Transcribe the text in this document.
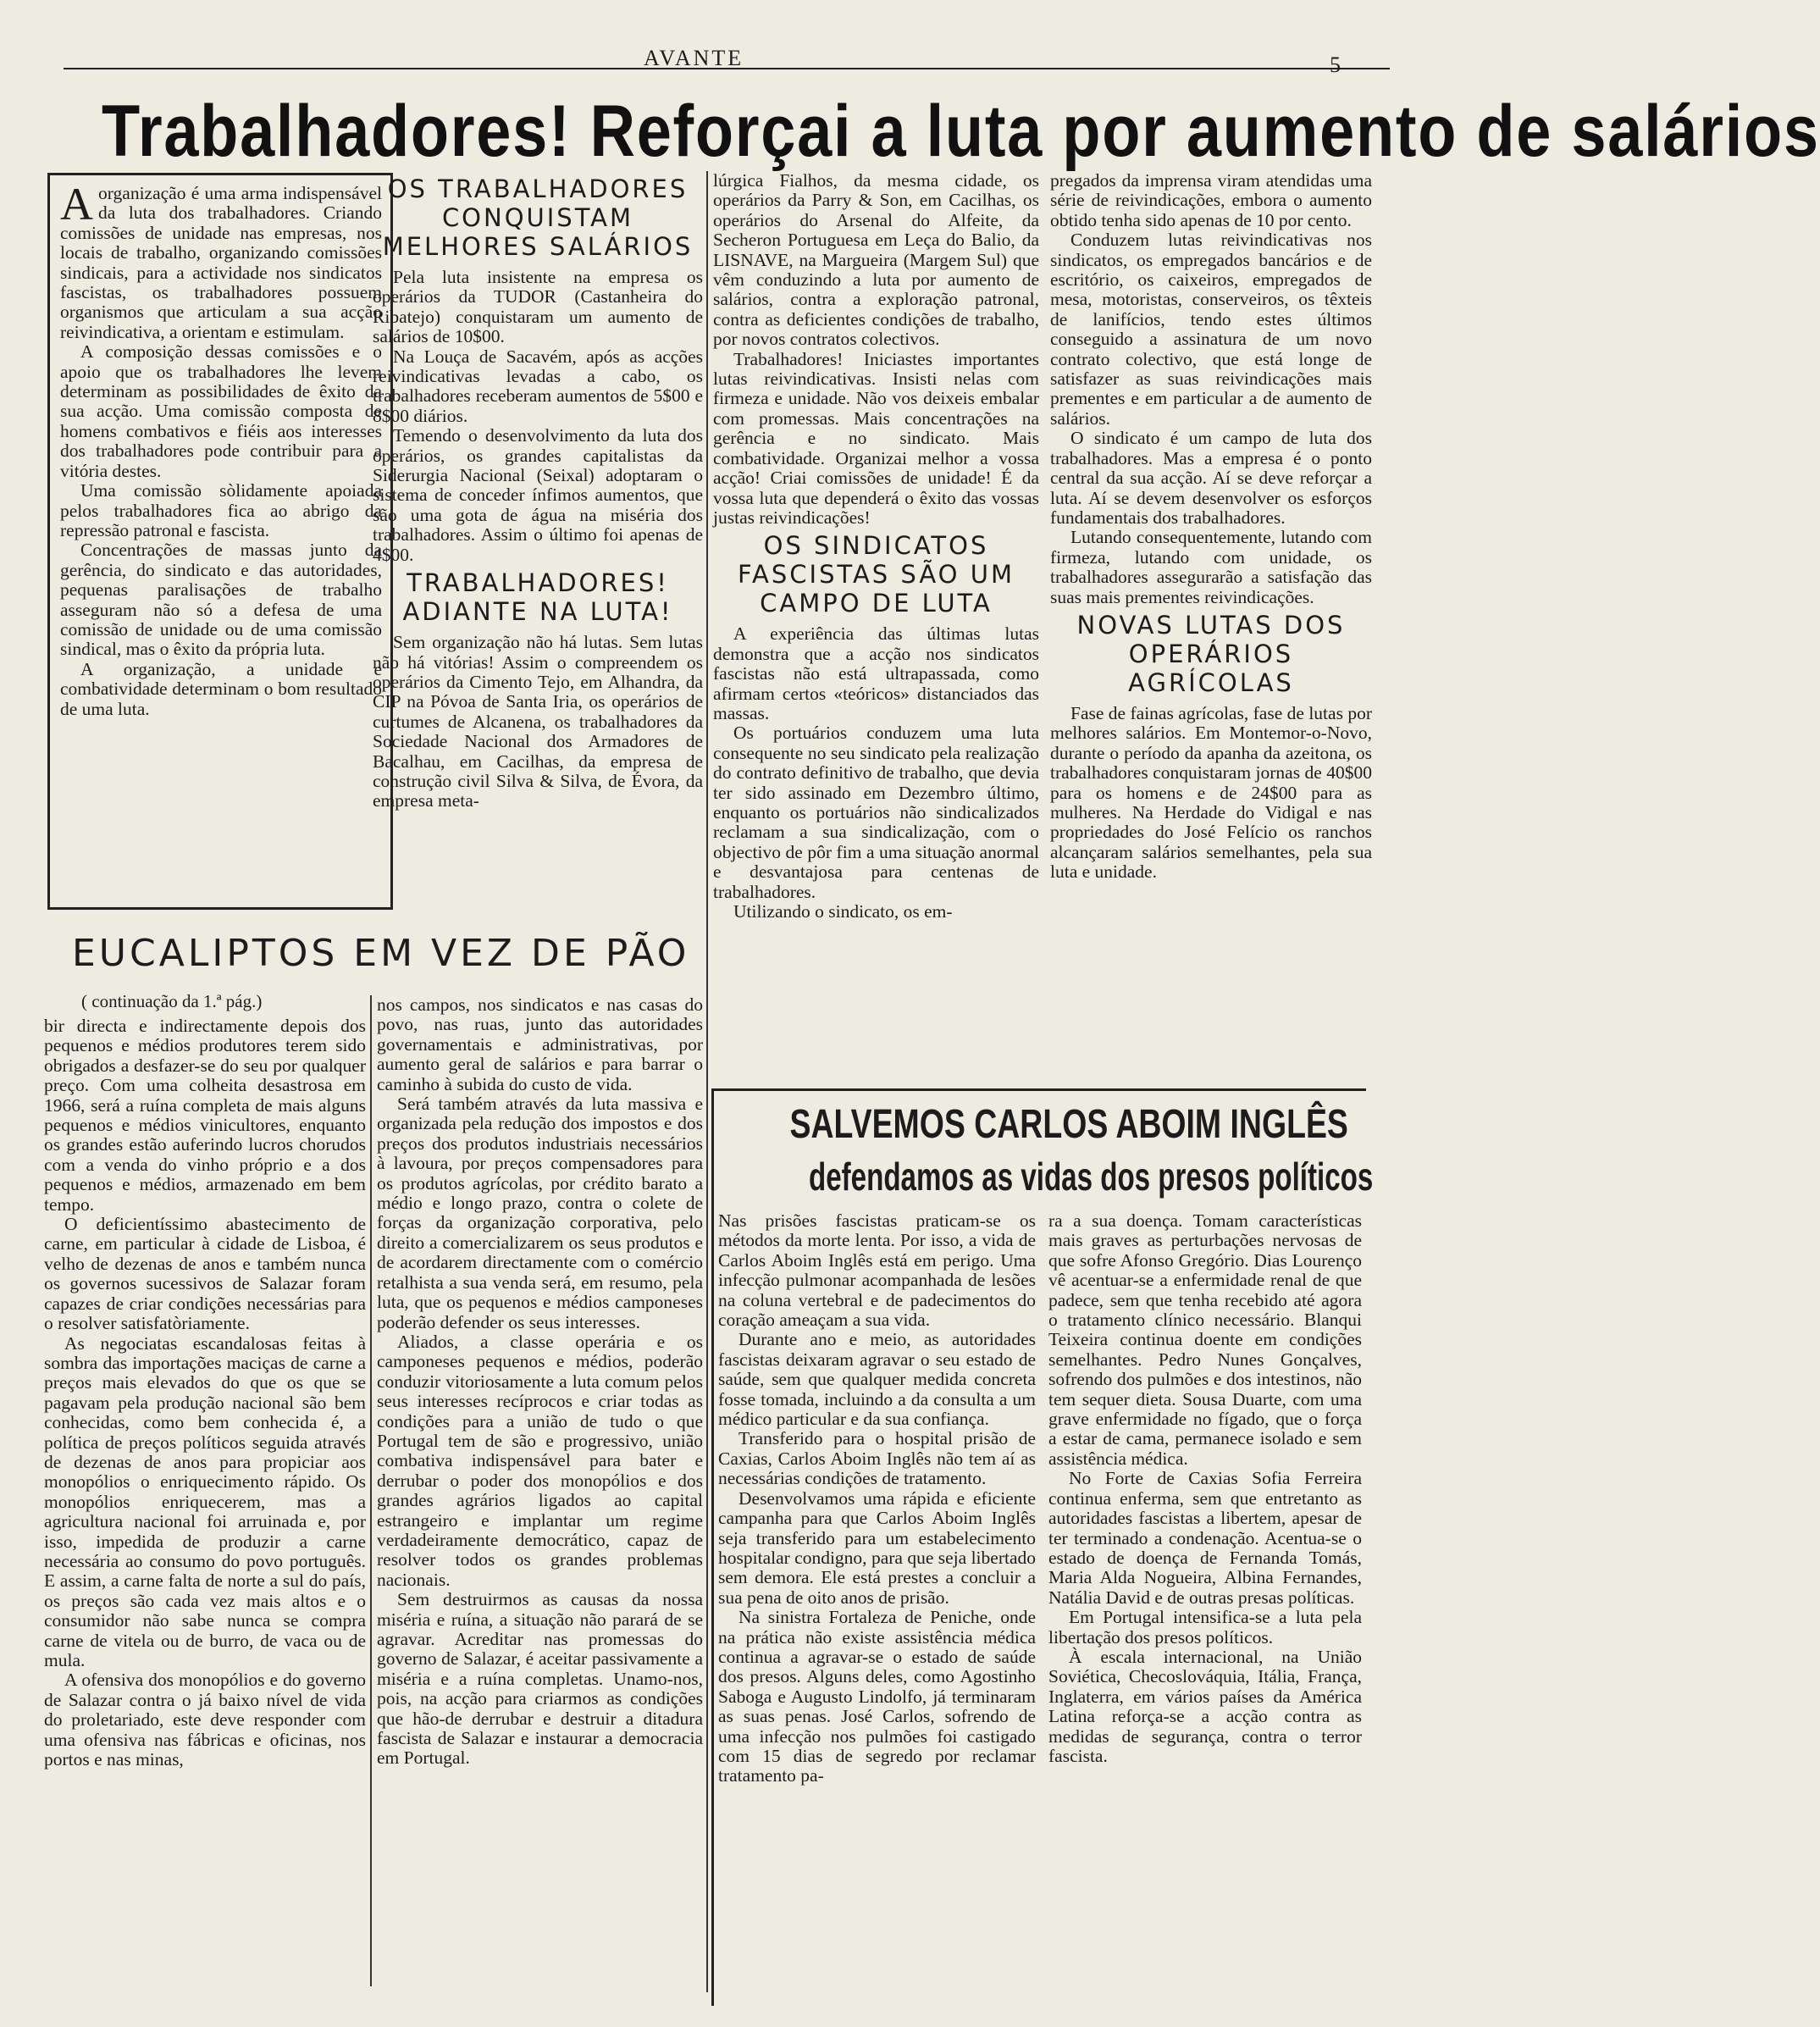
AVANTE	5
Trabalhadores! Reforçai a luta por aumento de salários
A organização é uma arma indispensável da luta dos trabalhadores. Criando comissões de unidade nas empresas, nos locais de trabalho, organizando comissões sindicais, para a actividade nos sindicatos fascistas, os trabalhadores possuem organismos que articulam a sua acção reivindicativa, a orientam e estimulam.

A composição dessas comissões e o apoio que os trabalhadores lhe levem determinam as possibilidades de êxito da sua acção. Uma comissão composta de homens combativos e fiéis aos interesses dos trabalhadores pode contribuir para a vitória destes.

Uma comissão sòlidamente apoiada pelos trabalhadores fica ao abrigo da repressão patronal e fascista.

Concentrações de massas junto da gerência, do sindicato e das autoridades, pequenas paralisações de trabalho asseguram não só a defesa de uma comissão de unidade ou de uma comissão sindical, mas o êxito da própria luta.

A organização, a unidade e combatividade determinam o bom resultado de uma luta.

OS TRABALHADORES CONQUISTAM MELHORES SALÁRIOS

Pela luta insistente na empresa os operários da TUDOR (Castanheira do Ribatejo) conquistaram um aumento de salários de 10$00.

Na Louça de Sacavém, após as acções reivindicativas levadas a cabo, os trabalhadores receberam aumentos de 5$00 e 8$00 diários.

Temendo o desenvolvimento da luta dos operários, os grandes capitalistas da Siderurgia Nacional (Seixal) adoptaram o sistema de conceder ínfimos aumentos, que são uma gota de água na miséria dos trabalhadores. Assim o último foi apenas de 4$00.

TRABALHADORES! ADIANTE NA LUTA!

Sem organização não há lutas. Sem lutas não há vitórias! Assim o compreendem os operários da Cimento Tejo, em Alhandra, da CIP na Póvoa de Santa Iria, os operários de curtumes de Alcanena, os trabalhadores da Sociedade Nacional dos Armadores de Bacalhau, em Cacilhas, da empresa de construção civil Silva & Silva, de Évora, da empresa meta-

lúrgica Fialhos, da mesma cidade, os operários da Parry & Son, em Cacilhas, os operários do Arsenal do Alfeite, da Secheron Portuguesa em Leça do Balio, da LISNAVE, na Margueira (Margem Sul) que vêm conduzindo a luta por aumento de salários, contra a exploração patronal, contra as deficientes condições de trabalho, por novos contratos colectivos.

Trabalhadores! Iniciastes importantes lutas reivindicativas. Insisti nelas com firmeza e unidade. Não vos deixeis embalar com promessas. Mais concentrações na gerência e no sindicato. Mais combatividade. Organizai melhor a vossa acção! Criai comissões de unidade! É da vossa luta que dependerá o êxito das vossas justas reivindicações!

OS SINDICATOS FASCISTAS SÃO UM CAMPO DE LUTA

A experiência das últimas lutas demonstra que a acção nos sindicatos fascistas não está ultrapassada, como afirmam certos «teóricos» distanciados das massas.

Os portuários conduzem uma luta consequente no seu sindicato pela realização do contrato definitivo de trabalho, que devia ter sido assinado em Dezembro último, enquanto os portuários não sindicalizados reclamam a sua sindicalização, com o objectivo de pôr fim a uma situação anormal e desvantajosa para centenas de trabalhadores.

Utilizando o sindicato, os em-

pregados da imprensa viram atendidas uma série de reivindicações, embora o aumento obtido tenha sido apenas de 10 por cento.

Conduzem lutas reivindicativas nos sindicatos, os empregados bancários e de escritório, os caixeiros, empregados de mesa, motoristas, conserveiros, os têxteis de lanifícios, tendo estes últimos conseguido a assinatura de um novo contrato colectivo, que está longe de satisfazer as suas reivindicações mais prementes e em particular a de aumento de salários.

O sindicato é um campo de luta dos trabalhadores. Mas a empresa é o ponto central da sua acção. Aí se deve reforçar a luta. Aí se devem desenvolver os esforços fundamentais dos trabalhadores.

Lutando consequentemente, lutando com firmeza, lutando com unidade, os trabalhadores assegurarão a satisfação das suas mais prementes reivindicações.

NOVAS LUTAS DOS OPERÁRIOS AGRÍCOLAS

Fase de fainas agrícolas, fase de lutas por melhores salários. Em Montemor-o-Novo, durante o período da apanha da azeitona, os trabalhadores conquistaram jornas de 40$00 para os homens e de 24$00 para as mulheres. Na Herdade do Vidigal e nas propriedades do José Felício os ranchos alcançaram salários semelhantes, pela sua luta e unidade.

EUCALIPTOS EM VEZ DE PÃO
( continuação da 1.ª pág.)

bir directa e indirectamente depois dos pequenos e médios produtores terem sido obrigados a desfazer-se do seu por qualquer preço. Com uma colheita desastrosa em 1966, será a ruína completa de mais alguns pequenos e médios vinicultores, enquanto os grandes estão auferindo lucros chorudos com a venda do vinho próprio e a dos pequenos e médios, armazenado em bem tempo.

O deficientíssimo abastecimento de carne, em particular à cidade de Lisboa, é velho de dezenas de anos e também nunca os governos sucessivos de Salazar foram capazes de criar condições necessárias para o resolver satisfatòriamente.

As negociatas escandalosas feitas à sombra das importações maciças de carne a preços mais elevados do que os que se pagavam pela produção nacional são bem conhecidas, como bem conhecida é, a política de preços políticos seguida através de dezenas de anos para propiciar aos monopólios o enriquecimento rápido. Os monopólios enriquecerem, mas a agricultura nacional foi arruinada e, por isso, impedida de produzir a carne necessária ao consumo do povo português. E assim, a carne falta de norte a sul do país, os preços são cada vez mais altos e o consumidor não sabe nunca se compra carne de vitela ou de burro, de vaca ou de mula.

A ofensiva dos monopólios e do governo de Salazar contra o já baixo nível de vida do proletariado, este deve responder com uma ofensiva nas fábricas e oficinas, nos portos e nas minas,

nos campos, nos sindicatos e nas casas do povo, nas ruas, junto das autoridades governamentais e administrativas, por aumento geral de salários e para barrar o caminho à subida do custo de vida.

Será também através da luta massiva e organizada pela redução dos impostos e dos preços dos produtos industriais necessários à lavoura, por preços compensadores para os produtos agrícolas, por crédito barato a médio e longo prazo, contra o colete de forças da organização corporativa, pelo direito a comercializarem os seus produtos e de acordarem directamente com o comércio retalhista a sua venda será, em resumo, pela luta, que os pequenos e médios camponeses poderão defender os seus interesses.

Aliados, a classe operária e os camponeses pequenos e médios, poderão conduzir vitoriosamente a luta comum pelos seus interesses recíprocos e criar todas as condições para a união de tudo o que Portugal tem de são e progressivo, união combativa indispensável para bater e derrubar o poder dos monopólios e dos grandes agrários ligados ao capital estrangeiro e implantar um regime verdadeiramente democrático, capaz de resolver todos os grandes problemas nacionais.

Sem destruirmos as causas da nossa miséria e ruína, a situação não parará de se agravar. Acreditar nas promessas do governo de Salazar, é aceitar passivamente a miséria e a ruína completas. Unamo-nos, pois, na acção para criarmos as condições que hão-de derrubar e destruir a ditadura fascista de Salazar e instaurar a democracia em Portugal.

SALVEMOS CARLOS ABOIM INGLÊS
defendamos as vidas dos presos políticos

Nas prisões fascistas praticam-se os métodos da morte lenta. Por isso, a vida de Carlos Aboim Inglês está em perigo. Uma infecção pulmonar acompanhada de lesões na coluna vertebral e de padecimentos do coração ameaçam a sua vida.

Durante ano e meio, as autoridades fascistas deixaram agravar o seu estado de saúde, sem que qualquer medida concreta fosse tomada, incluindo a da consulta a um médico particular e da sua confiança.

Transferido para o hospital prisão de Caxias, Carlos Aboim Inglês não tem aí as necessárias condições de tratamento.

Desenvolvamos uma rápida e eficiente campanha para que Carlos Aboim Inglês seja transferido para um estabelecimento hospitalar condigno, para que seja libertado sem demora. Ele está prestes a concluir a sua pena de oito anos de prisão.

Na sinistra Fortaleza de Peniche, onde na prática não existe assistência médica continua a agravar-se o estado de saúde dos presos. Alguns deles, como Agostinho Saboga e Augusto Lindolfo, já terminaram as suas penas. José Carlos, sofrendo de uma infecção nos pulmões foi castigado com 15 dias de segredo por reclamar tratamento pa-

ra a sua doença. Tomam características mais graves as perturbações nervosas de que sofre Afonso Gregório. Dias Lourenço vê acentuar-se a enfermidade renal de que padece, sem que tenha recebido até agora o tratamento clínico necessário. Blanqui Teixeira continua doente em condições semelhantes. Pedro Nunes Gonçalves, sofrendo dos pulmões e dos intestinos, não tem sequer dieta. Sousa Duarte, com uma grave enfermidade no fígado, que o força a estar de cama, permanece isolado e sem assistência médica.

No Forte de Caxias Sofia Ferreira continua enferma, sem que entretanto as autoridades fascistas a libertem, apesar de ter terminado a condenação. Acentua-se o estado de doença de Fernanda Tomás, Maria Alda Nogueira, Albina Fernandes, Natália David e de outras presas políticas.

Em Portugal intensifica-se a luta pela libertação dos presos políticos.

À escala internacional, na União Soviética, Checoslováquia, Itália, França, Inglaterra, em vários países da América Latina reforça-se a acção contra as medidas de segurança, contra o terror fascista.
